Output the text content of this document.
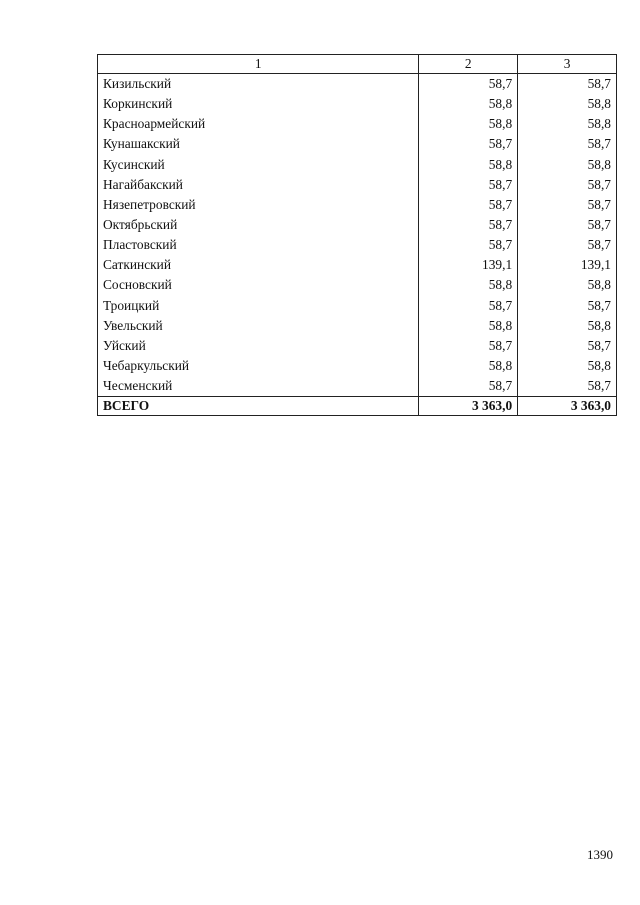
1	2	3
Кизильский	58,7	58,7
Коркинский	58,8	58,8
Красноармейский	58,8	58,8
Кунашакский	58,7	58,7
Кусинский	58,8	58,8
Нагайбакский	58,7	58,7
Нязепетровский	58,7	58,7
Октябрьский	58,7	58,7
Пластовский	58,7	58,7
Саткинский	139,1	139,1
Сосновский	58,8	58,8
Троицкий	58,7	58,7
Увельский	58,8	58,8
Уйский	58,7	58,7
Чебаркульский	58,8	58,8
Чесменский	58,7	58,7
ВСЕГО	3 363,0	3 363,0
1390
